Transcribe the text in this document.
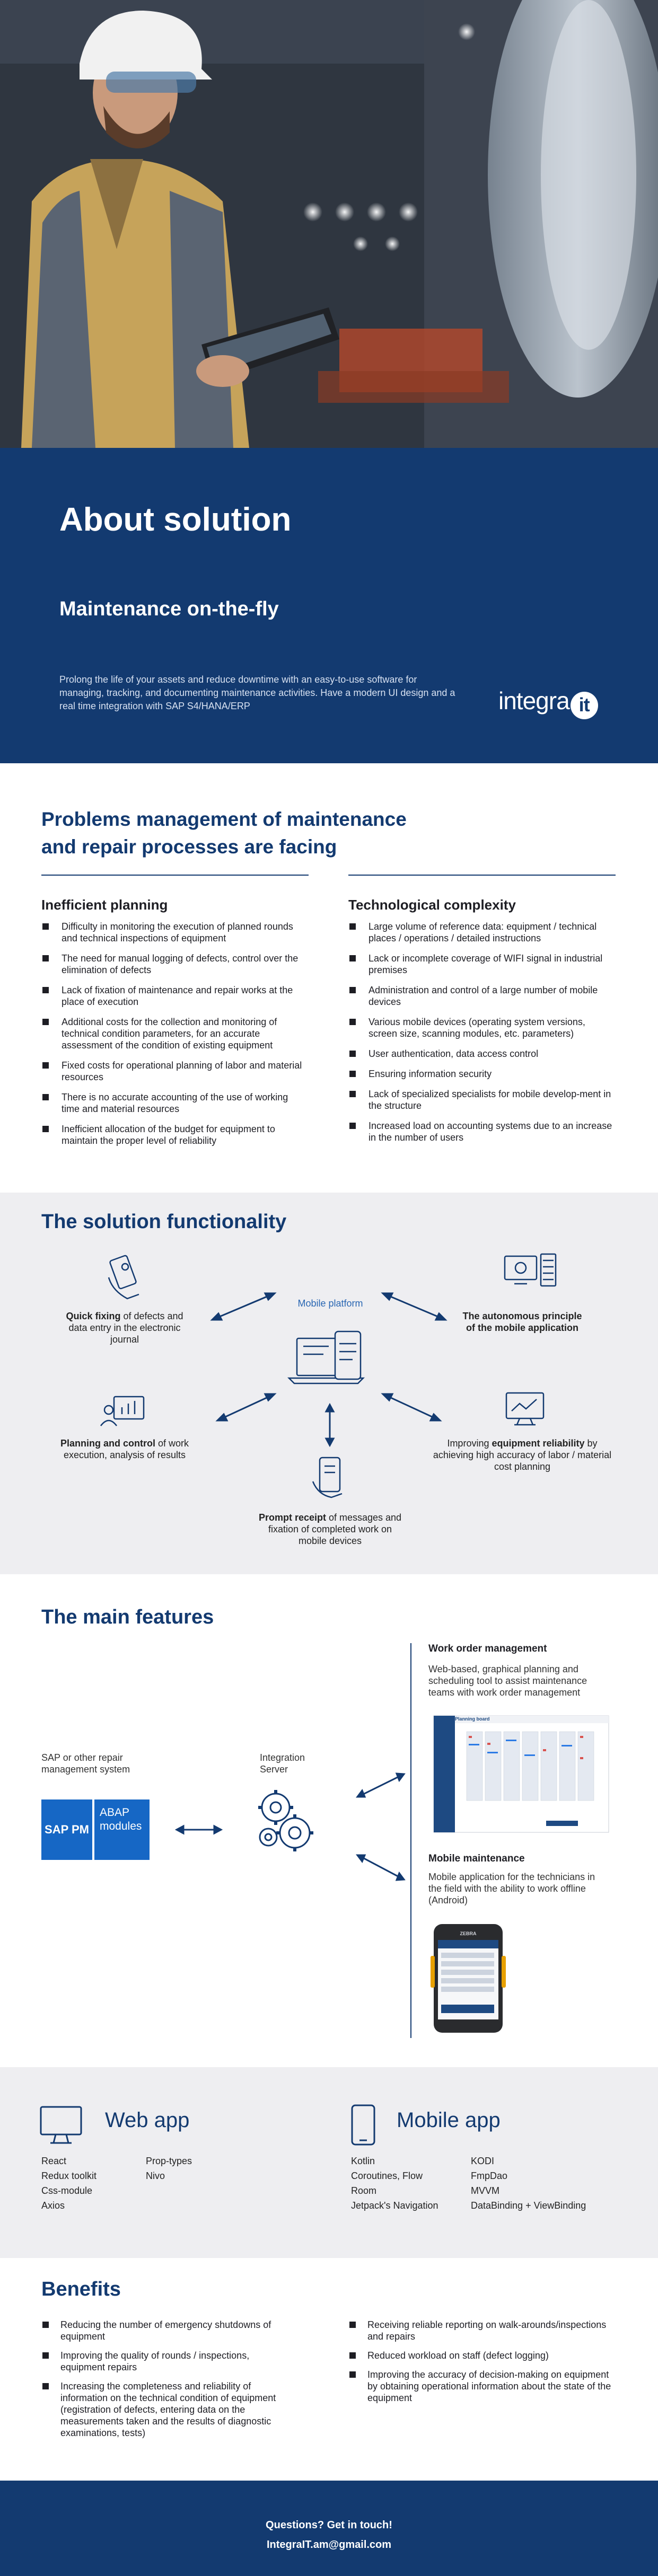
About solution
Maintenance on-the-fly
Prolong the life of your assets and reduce downtime with an easy-to-use software for managing, tracking, and documenting maintenance activities. Have a modern UI design and a real time integration with SAP S4/HANA/ERP	integra it
Problems management of maintenance and repair processes are facing
Inefficient planning
Difficulty in monitoring the execution of planned rounds and technical inspections of equipment
The need for manual logging of defects, control over the elimination of defects
Lack of fixation of maintenance and repair works at the place of execution
Additional costs for the collection and monitoring of technical condition parameters, for an accurate assessment of the condition of existing equipment
Fixed costs for operational planning of labor and material resources
There is no accurate accounting of the use of working time and material resources
Inefficient allocation of the budget for equipment to maintain the proper level of reliability
Technological complexity
Large volume of reference data: equipment / technical places / operations / detailed instructions
Lack or incomplete coverage of WIFI signal in industrial premises
Administration and control of a large number of mobile devices
Various mobile devices (operating system versions, screen size, scanning modules, etc. parameters)
User authentication, data access control
Ensuring information security
Lack of specialized specialists for mobile develop-ment in the structure
Increased load on accounting systems due to an increase in the number of users
The solution functionality
Mobile platform
Quick fixing of defects and data entry in the electronic journal
The autonomous principle of the mobile application
Planning and control of work execution, analysis of results
Improving equipment reliability by achieving high accuracy of labor / material cost planning
Prompt receipt of messages and fixation of completed work on mobile devices
The main features
SAP or other repair management system
SAP PM
ABAP modules
Integration Server
Planning board
ZEBRA
Work order management
Web-based, graphical planning and scheduling tool to assist maintenance teams with work order management
Mobile maintenance
Mobile application for the technicians in the field with the ability to work offline (Android)
Web app
React
Redux toolkit
Css-module
Axios
Prop-types
Nivo
Mobile app
Kotlin
Coroutines, Flow
Room
Jetpack's Navigation
KODI
FmpDao
MVVM
DataBinding + ViewBinding
Benefits
Reducing the number of emergency shutdowns of equipment
Improving the quality of rounds / inspections, equipment repairs
Increasing the completeness and reliability of information on the technical condition of equipment (registration of defects, entering data on the measurements taken and the results of diagnostic examinations, tests)
Receiving reliable reporting on walk-arounds/inspections and repairs
Reduced workload on staff (defect logging)
Improving the accuracy of decision-making on equipment by obtaining operational information about the state of the equipment
Questions? Get in touch!
IntegraIT.am@gmail.com
